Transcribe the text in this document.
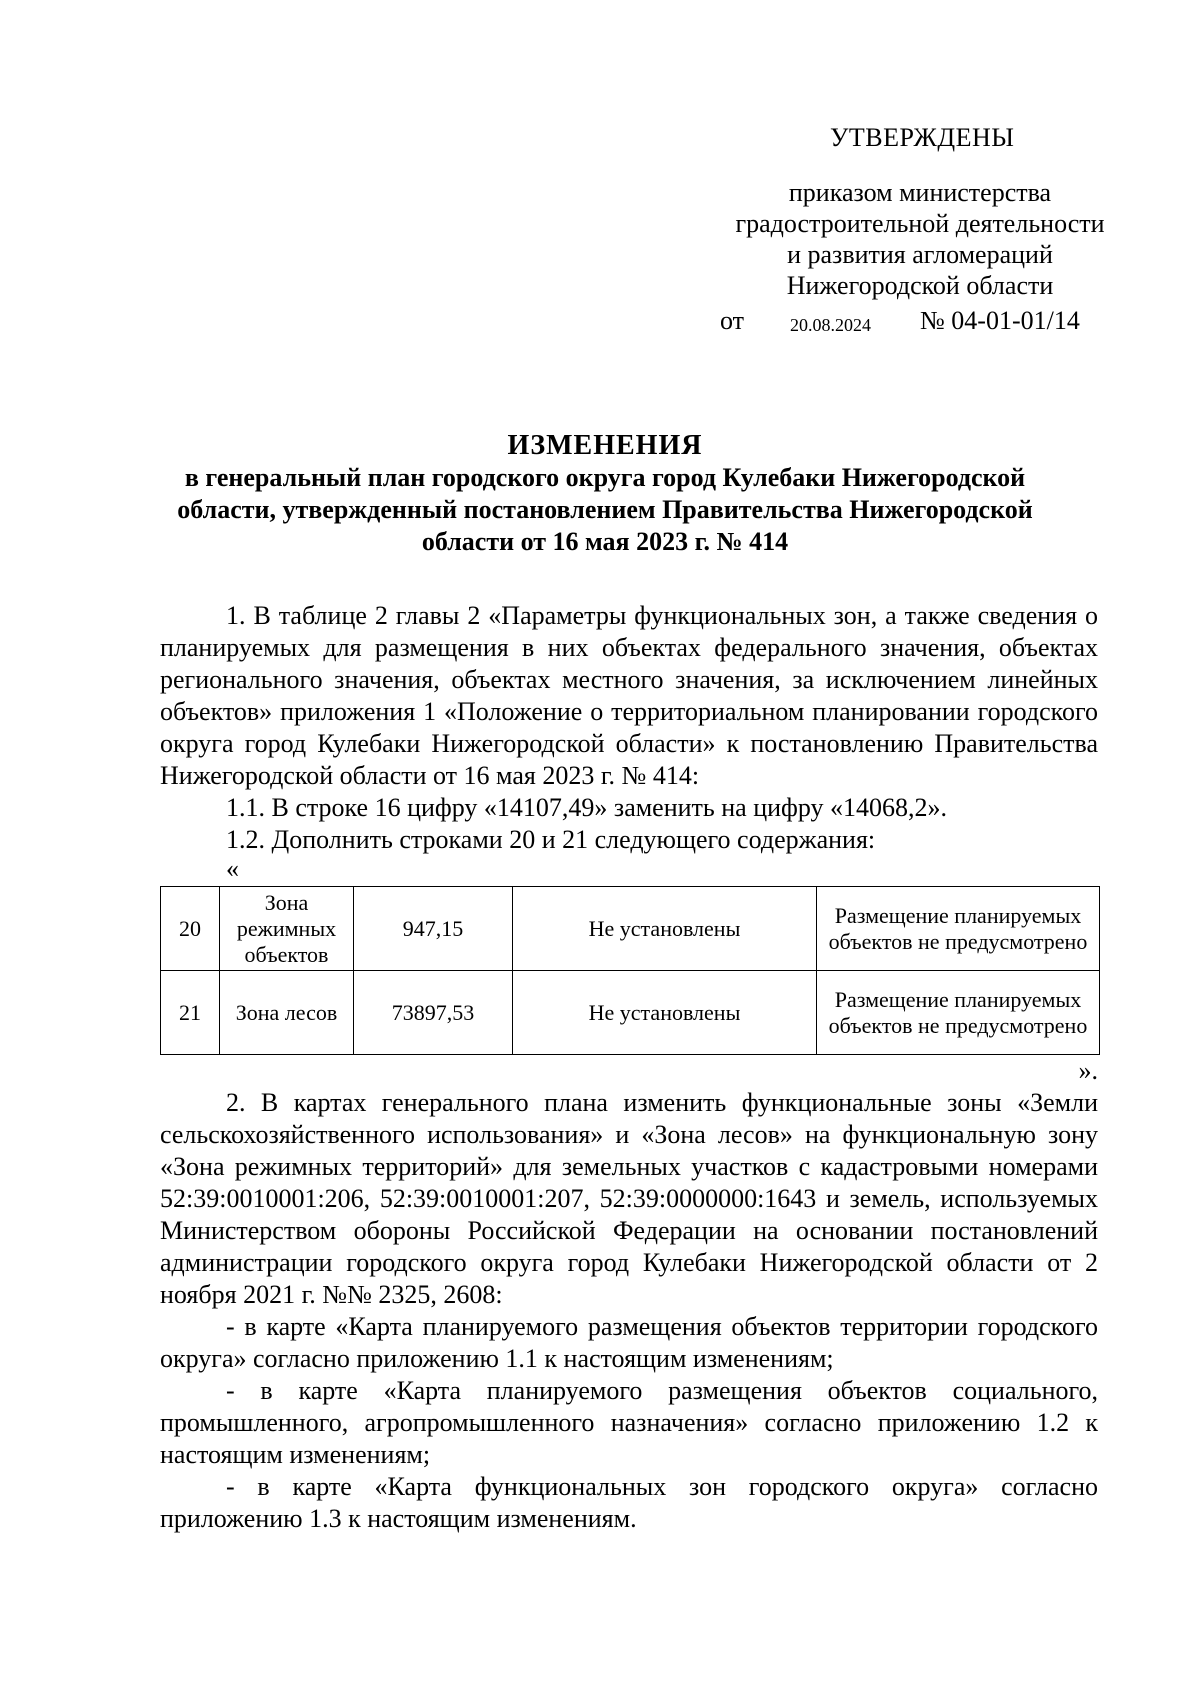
УТВЕРЖДЕНЫ
приказом министерства
градостроительной деятельности
и развития агломераций
Нижегородской области
от	20.08.2024 № 04-01-01/14
ИЗМЕНЕНИЯ
в генеральный план городского округа город Кулебаки Нижегородской области, утвержденный постановлением Правительства Нижегородской области от 16 мая 2023 г. № 414

1. В таблице 2 главы 2 «Параметры функциональных зон, а также сведения о планируемых для размещения в них объектах федерального значения, объектах регионального значения, объектах местного значения, за исключением линейных объектов» приложения 1 «Положение о территориальном планировании городского округа город Кулебаки Нижегородской области» к постановлению Правительства Нижегородской области от 16 мая 2023 г. № 414:

1.1. В строке 16 цифру «14107,49» заменить на цифру «14068,2».

1.2. Дополнить строками 20 и 21 следующего содержания:

«
20	Зона режимных объектов	947,15	Не установлены	Размещение планируемых объектов не предусмотрено
21	Зона лесов	73897,53	Не установлены	Размещение планируемых объектов не предусмотрено
».

2. В картах генерального плана изменить функциональные зоны «Земли сельскохозяйственного использования» и «Зона лесов» на функциональную зону «Зона режимных территорий» для земельных участков с кадастровыми номерами 52:39:0010001:206, 52:39:0010001:207, 52:39:0000000:1643 и земель, используемых Министерством обороны Российской Федерации на основании постановлений администрации городского округа город Кулебаки Нижегородской области от 2 ноября 2021 г. №№ 2325, 2608:

- в карте «Карта планируемого размещения объектов территории городского округа» согласно приложению 1.1 к настоящим изменениям;

- в карте «Карта планируемого размещения объектов социального, промышленного, агропромышленного назначения» согласно приложению 1.2 к настоящим изменениям;

- в карте «Карта функциональных зон городского округа» согласно приложению 1.3 к настоящим изменениям.
